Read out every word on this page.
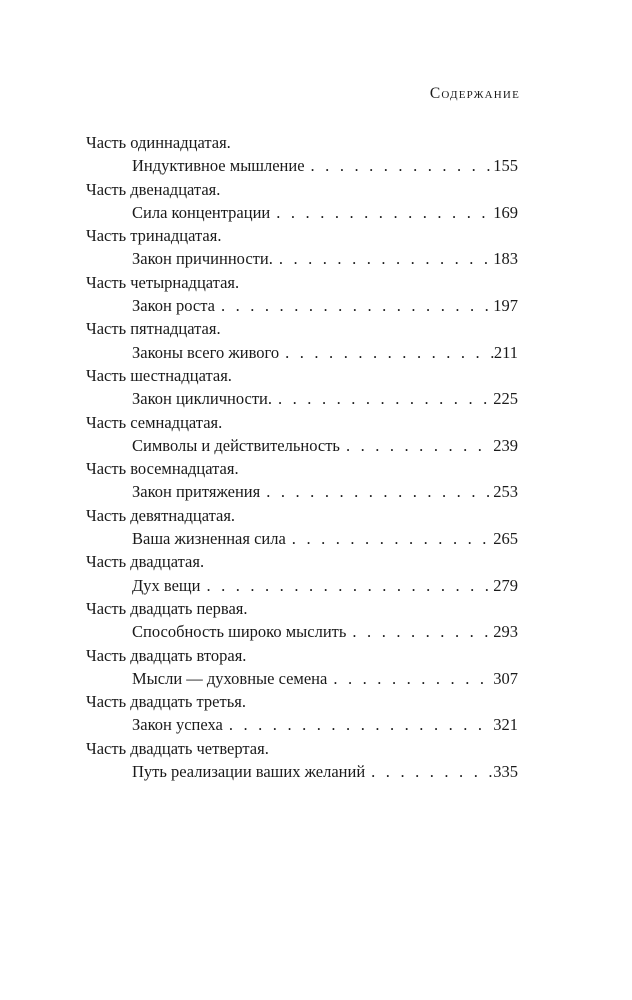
Содержание
Часть одиннадцатая.
Индуктивное мышление . . .	155
Часть двенадцатая.
Сила концентрации . . .	169
Часть тринадцатая.
Закон причинности. . . .	183
Часть четырнадцатая.
Закон роста . . .	197
Часть пятнадцатая.
Законы всего живого . . .	211
Часть шестнадцатая.
Закон цикличности. . . .	225
Часть семнадцатая.
Символы и действительность . . .	239
Часть восемнадцатая.
Закон притяжения . . .	253
Часть девятнадцатая.
Ваша жизненная сила . . .	265
Часть двадцатая.
Дух вещи . . .	279
Часть двадцать первая.
Способность широко мыслить . . .	293
Часть двадцать вторая.
Мысли — духовные семена . . .	307
Часть двадцать третья.
Закон успеха . . .	321
Часть двадцать четвертая.
Путь реализации ваших желаний . . .	335
